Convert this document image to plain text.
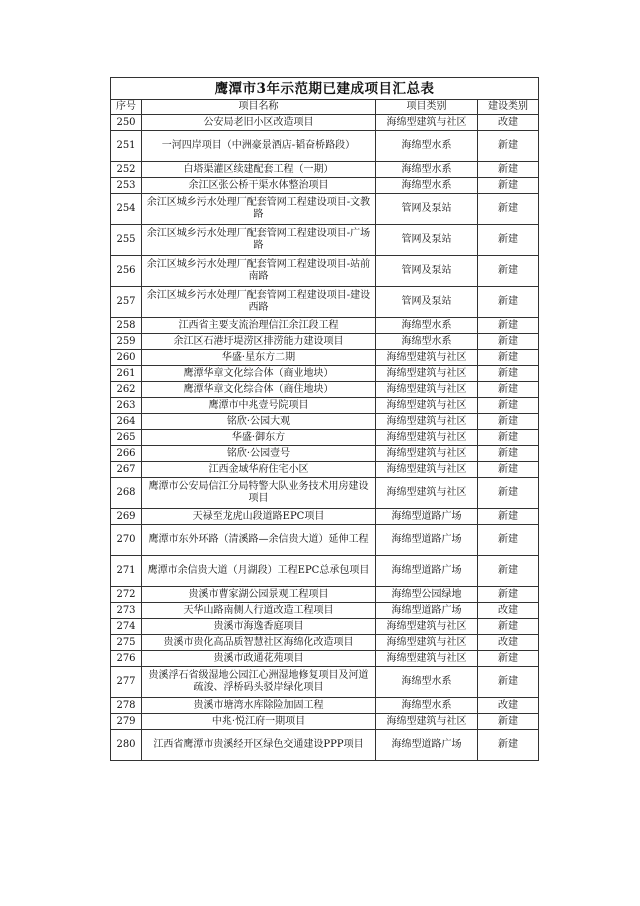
鹰潭市3年示范期已建成项目汇总表			
序号	项目名称	项目类别	建设类别
250	公安局老旧小区改造项目	海绵型建筑与社区	改建
251	一河四岸项目（中洲豪景酒店-韬奋桥路段）	海绵型水系	新建
252	白塔渠灌区续建配套工程（一期）	海绵型水系	新建
253	余江区张公桥干渠水体整治项目	海绵型水系	新建
254	余江区城乡污水处理厂配套管网工程建设项目-文教路	管网及泵站	新建
255	余江区城乡污水处理厂配套管网工程建设项目-广场路	管网及泵站	新建
256	余江区城乡污水处理厂配套管网工程建设项目-站前南路	管网及泵站	新建
257	余江区城乡污水处理厂配套管网工程建设项目-建设西路	管网及泵站	新建
258	江西省主要支流治理信江余江段工程	海绵型水系	新建
259	余江区石港圩堤涝区排涝能力建设项目	海绵型水系	新建
260	华盛·星东方二期	海绵型建筑与社区	新建
261	鹰潭华章文化综合体（商业地块）	海绵型建筑与社区	新建
262	鹰潭华章文化综合体（商住地块）	海绵型建筑与社区	新建
263	鹰潭市中兆壹号院项目	海绵型建筑与社区	新建
264	铭欣·公园大观	海绵型建筑与社区	新建
265	华盛·御东方	海绵型建筑与社区	新建
266	铭欣·公园壹号	海绵型建筑与社区	新建
267	江西金域华府住宅小区	海绵型建筑与社区	新建
268	鹰潭市公安局信江分局特警大队业务技术用房建设项目	海绵型建筑与社区	新建
269	天禄至龙虎山段道路EPC项目	海绵型道路广场	新建
270	鹰潭市东外环路（清溪路—余信贵大道）延伸工程	海绵型道路广场	新建
271	鹰潭市余信贵大道（月湖段）工程EPC总承包项目	海绵型道路广场	新建
272	贵溪市曹家湖公园景观工程项目	海绵型公园绿地	新建
273	天华山路南侧人行道改造工程项目	海绵型道路广场	改建
274	贵溪市海逸香庭项目	海绵型建筑与社区	新建
275	贵溪市贵化高品质智慧社区海绵化改造项目	海绵型建筑与社区	改建
276	贵溪市政通花苑项目	海绵型建筑与社区	新建
277	贵溪浮石省级湿地公园江心洲湿地修复项目及河道疏浚、浮桥码头驳岸绿化项目	海绵型水系	新建
278	贵溪市塘湾水库除险加固工程	海绵型水系	改建
279	中兆·悦江府一期项目	海绵型建筑与社区	新建
280	江西省鹰潭市贵溪经开区绿色交通建设PPP项目	海绵型道路广场	新建
